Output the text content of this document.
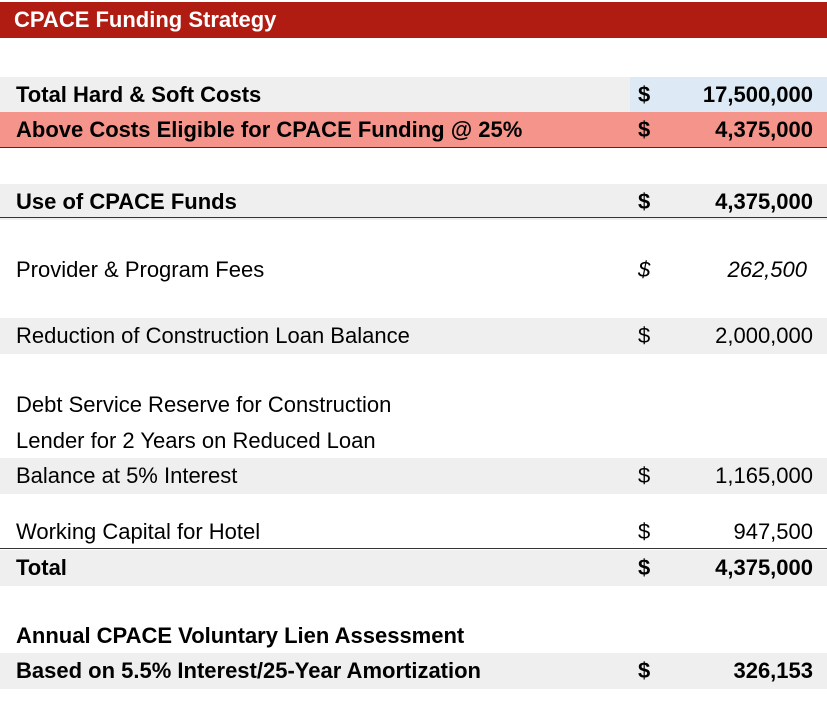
CPACE Funding Strategy
Total Hard & Soft Costs	$	17,500,000
Above Costs Eligible for CPACE Funding @ 25%	$	4,375,000
Use of CPACE Funds	$	4,375,000
Provider & Program Fees	$	262,500
Reduction of Construction Loan Balance	$	2,000,000
Debt Service Reserve for Construction
Lender for 2 Years on Reduced Loan
Balance at 5% Interest	$	1,165,000
Working Capital for Hotel	$	947,500
Total	$	4,375,000
Annual CPACE Voluntary Lien Assessment
Based on 5.5% Interest/25-Year Amortization	$	326,153
